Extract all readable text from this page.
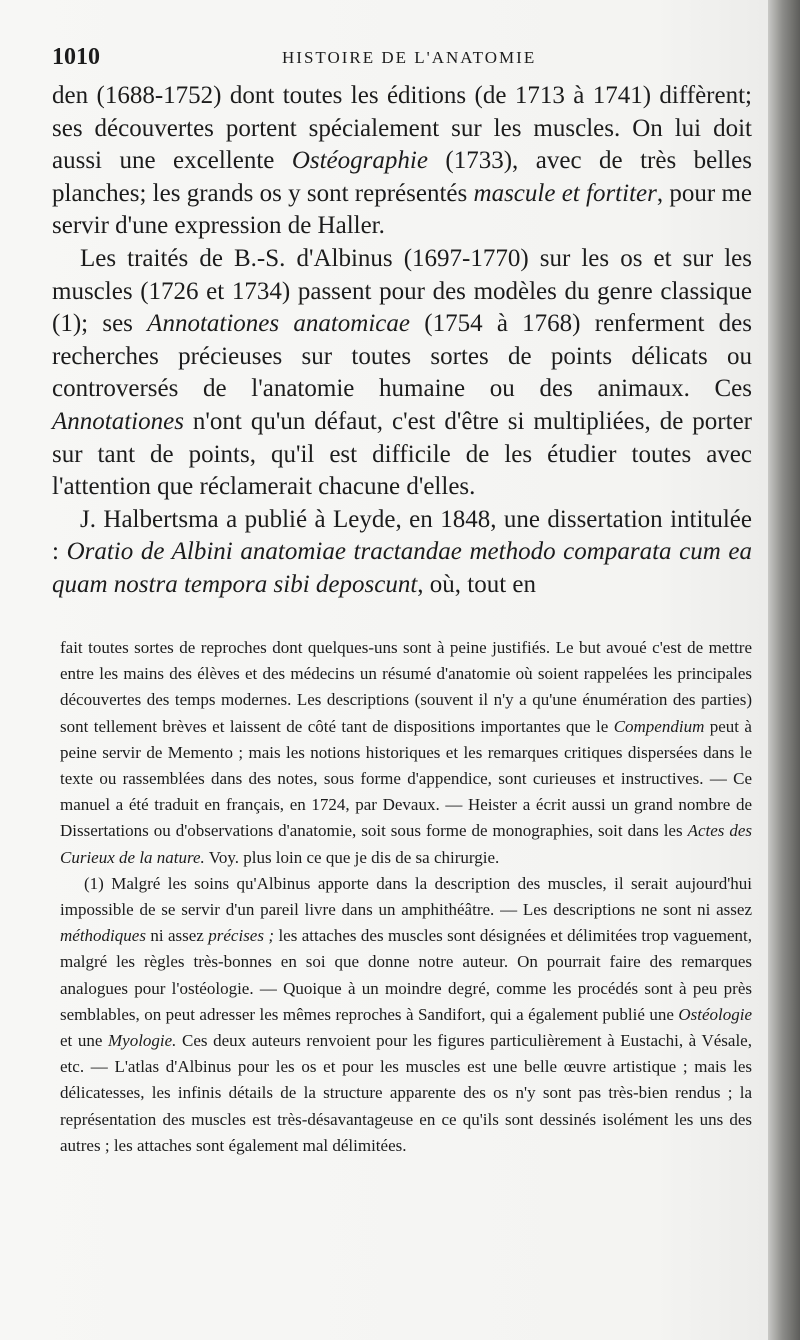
1010	HISTOIRE DE L'ANATOMIE

den (1688-1752) dont toutes les éditions (de 1713 à 1741) diffèrent; ses découvertes portent spécialement sur les muscles. On lui doit aussi une excellente Ostéographie (1733), avec de très belles planches; les grands os y sont représentés mascule et fortiter, pour me servir d'une expression de Haller.

Les traités de B.-S. d'Albinus (1697-1770) sur les os et sur les muscles (1726 et 1734) passent pour des modèles du genre classique (1); ses Annotationes anatomicae (1754 à 1768) renferment des recherches précieuses sur toutes sortes de points délicats ou controversés de l'anatomie humaine ou des animaux. Ces Annotationes n'ont qu'un défaut, c'est d'être si multipliées, de porter sur tant de points, qu'il est difficile de les étudier toutes avec l'attention que réclamerait chacune d'elles.

J. Halbertsma a publié à Leyde, en 1848, une dissertation intitulée : Oratio de Albini anatomiae tractandae methodo comparata cum ea quam nostra tempora sibi deposcunt, où, tout en

fait toutes sortes de reproches dont quelques-uns sont à peine justifiés. Le but avoué c'est de mettre entre les mains des élèves et des médecins un résumé d'anatomie où soient rappelées les principales découvertes des temps modernes. Les descriptions (souvent il n'y a qu'une énumération des parties) sont tellement brèves et laissent de côté tant de dispositions importantes que le Compendium peut à peine servir de Memento ; mais les notions historiques et les remarques critiques dispersées dans le texte ou rassemblées dans des notes, sous forme d'appendice, sont curieuses et instructives. — Ce manuel a été traduit en français, en 1724, par Devaux. — Heister a écrit aussi un grand nombre de Dissertations ou d'observations d'anatomie, soit sous forme de monographies, soit dans les Actes des Curieux de la nature. Voy. plus loin ce que je dis de sa chirurgie.

(1) Malgré les soins qu'Albinus apporte dans la description des muscles, il serait aujourd'hui impossible de se servir d'un pareil livre dans un amphithéâtre. — Les descriptions ne sont ni assez méthodiques ni assez précises ; les attaches des muscles sont désignées et délimitées trop vaguement, malgré les règles très-bonnes en soi que donne notre auteur. On pourrait faire des remarques analogues pour l'ostéologie. — Quoique à un moindre degré, comme les procédés sont à peu près semblables, on peut adresser les mêmes reproches à Sandifort, qui a également publié une Ostéologie et une Myologie. Ces deux auteurs renvoient pour les figures particulièrement à Eustachi, à Vésale, etc. — L'atlas d'Albinus pour les os et pour les muscles est une belle œuvre artistique ; mais les délicatesses, les infinis détails de la structure apparente des os n'y sont pas très-bien rendus ; la représentation des muscles est très-désavantageuse en ce qu'ils sont dessinés isolément les uns des autres ; les attaches sont également mal délimitées.
